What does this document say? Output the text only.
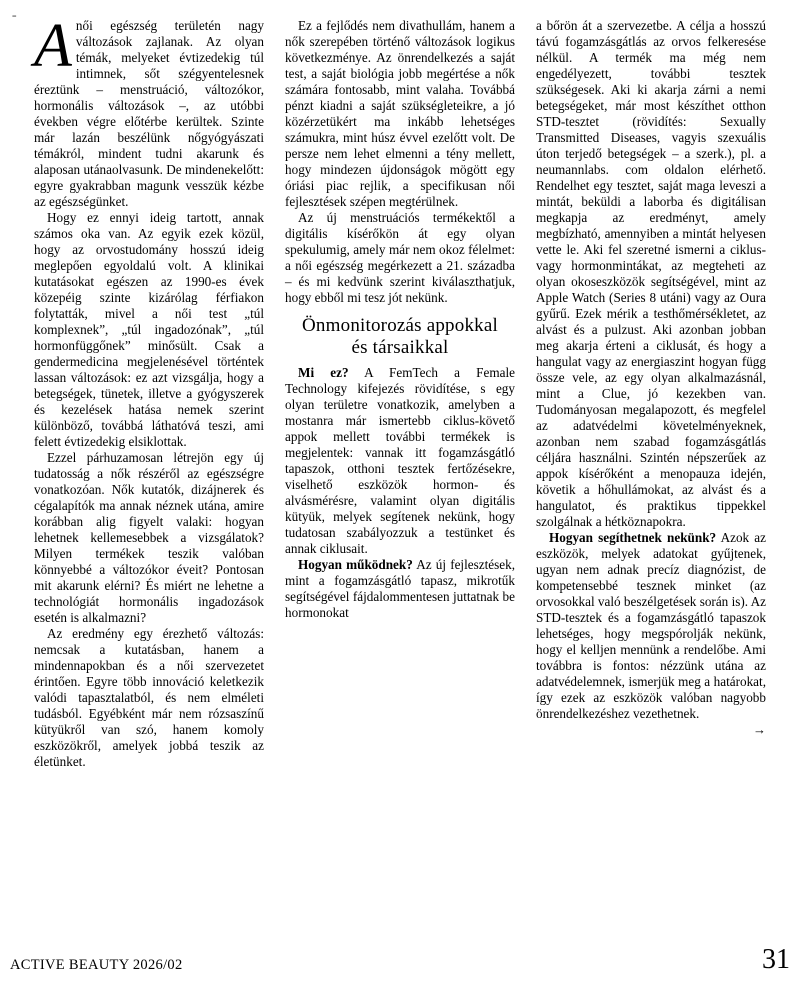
= A női egészség területén nagy változások zajlanak. Az olyan témák, melyeket évtizedekig túl intimnek, sőt szégyentelesnek éreztünk – menstruáció, változókor, hormonális változások –, az utóbbi években végre előtérbe kerültek. Szinte már lazán beszélünk nőgyógyászati témákról, mindent tudni akarunk és alaposan utánaolvasunk. De mindenekelőtt: egyre gyakrabban magunk vesszük kézbe az egészségünket.

Hogy ez ennyi ideig tartott, annak számos oka van. Az egyik ezek közül, hogy az orvostudomány hosszú ideig meglepően egyoldalú volt. A klinikai kutatásokat egészen az 1990-es évek közepéig szinte kizárólag férfiakon folytatták, mivel a női test „túl komplexnek”, „túl ingadozónak”, „túl hormonfüggőnek” minősült. Csak a gendermedicina megjelenésével történtek lassan változások: ez azt vizsgálja, hogy a betegségek, tünetek, illetve a gyógyszerek és kezelések hatása nemek szerint különböző, továbbá láthatóvá teszi, ami felett évtizedekig elsiklottak.

Ezzel párhuzamosan létrejön egy új tudatosság a nők részéről az egészségre vonatkozóan. Nők kutatók, dizájnerek és cégalapítók ma annak néznek utána, amire korábban alig figyelt valaki: hogyan lehetnek kellemesebbek a vizsgálatok? Milyen termékek teszik valóban könnyebbé a változókor éveit? Pontosan mit akarunk elérni? És miért ne lehetne a technológiát hormonális ingadozások esetén is alkalmazni?

Az eredmény egy érezhető változás: nemcsak a kutatásban, hanem a mindennapokban és a női szervezetet érintően. Egyre több innováció keletkezik valódi tapasztalatból, és nem elméleti tudásból. Egyébként már nem rózsaszínű kütyükről van szó, hanem komoly eszközökről, amelyek jobbá teszik az életünket.

Ez a fejlődés nem divathullám, hanem a nők szerepében történő változások logikus következménye. Az önrendelkezés a saját test, a saját biológia jobb megértése a nők számára fontosabb, mint valaha. Továbbá pénzt kiadni a saját szükségleteikre, a jó közérzetükért ma inkább lehetséges számukra, mint húsz évvel ezelőtt volt. De persze nem lehet elmenni a tény mellett, hogy mindezen újdonságok mögött egy óriási piac rejlik, a specifikusan női fejlesztések szépen megtérülnek.

Az új menstruációs termékektől a digitális kísérőkön át egy olyan spekulumig, amely már nem okoz félelmet: a női egészség megérkezett a 21. századba – és mi kedvünk szerint kiválaszthatjuk, hogy ebből mi tesz jót nekünk.

Önmonitorozás appokkal
és társaikkal

Mi ez? A FemTech a Female Technology kifejezés rövidítése, s egy olyan területre vonatkozik, amelyben a mostanra már ismertebb ciklus-követő appok mellett további termékek is megjelentek: vannak itt fogamzásgátló tapaszok, otthoni tesztek fertőzésekre, viselhető eszközök hormon- és alvásmérésre, valamint olyan digitális kütyük, melyek segítenek nekünk, hogy tudatosan szabályozzuk a testünket és annak ciklusait.

Hogyan működnek? Az új fejlesztések, mint a fogamzásgátló tapasz, mikrotűk segítségével fájdalommentesen juttatnak be hormonokat

a bőrön át a szervezetbe. A célja a hosszú távú fogamzásgátlás az orvos felkeresése nélkül. A termék ma még nem engedélyezett, további tesztek szükségesek. Aki ki akarja zárni a nemi betegségeket, már most készíthet otthon STD-tesztet (rövidítés: Sexually Transmitted Diseases, vagyis szexuális úton terjedő betegségek – a szerk.), pl. a neumannlabs. com oldalon elérhető. Rendelhet egy tesztet, saját maga leveszi a mintát, beküldi a laborba és digitálisan megkapja az eredményt, amely megbízható, amennyiben a mintát helyesen vette le. Aki fel szeretné ismerni a ciklus- vagy hormonmintákat, az megteheti az olyan okoseszközök segítségével, mint az Apple Watch (Series 8 utáni) vagy az Oura gyűrű. Ezek mérik a testhőmérsékletet, az alvást és a pulzust. Aki azonban jobban meg akarja érteni a ciklusát, és hogy a hangulat vagy az energiaszint hogyan függ össze vele, az egy olyan alkalmazásnál, mint a Clue, jó kezekben van. Tudományosan megalapozott, és megfelel az adatvédelmi követelményeknek, azonban nem szabad fogamzásgátlás céljára használni. Szintén népszerűek az appok kísérőként a menopauza idején, követik a hőhullámokat, az alvást és a hangulatot, és praktikus tippekkel szolgálnak a hétköznapokra.

Hogyan segíthetnek nekünk? Azok az eszközök, melyek adatokat gyűjtenek, ugyan nem adnak precíz diagnózist, de kompetensebbé tesznek minket (az orvosokkal való beszélgetések során is). Az STD-tesztek és a fogamzásgátló tapaszok lehetséges, hogy megspórolják nekünk, hogy el kelljen mennünk a rendelőbe. Ami továbbra is fontos: nézzünk utána az adatvédelemnek, ismerjük meg a határokat, így ezek az eszközök valóban nagyobb önrendelkezéshez vezethetnek.

→
ACTIVE BEAUTY 2026/02	31
